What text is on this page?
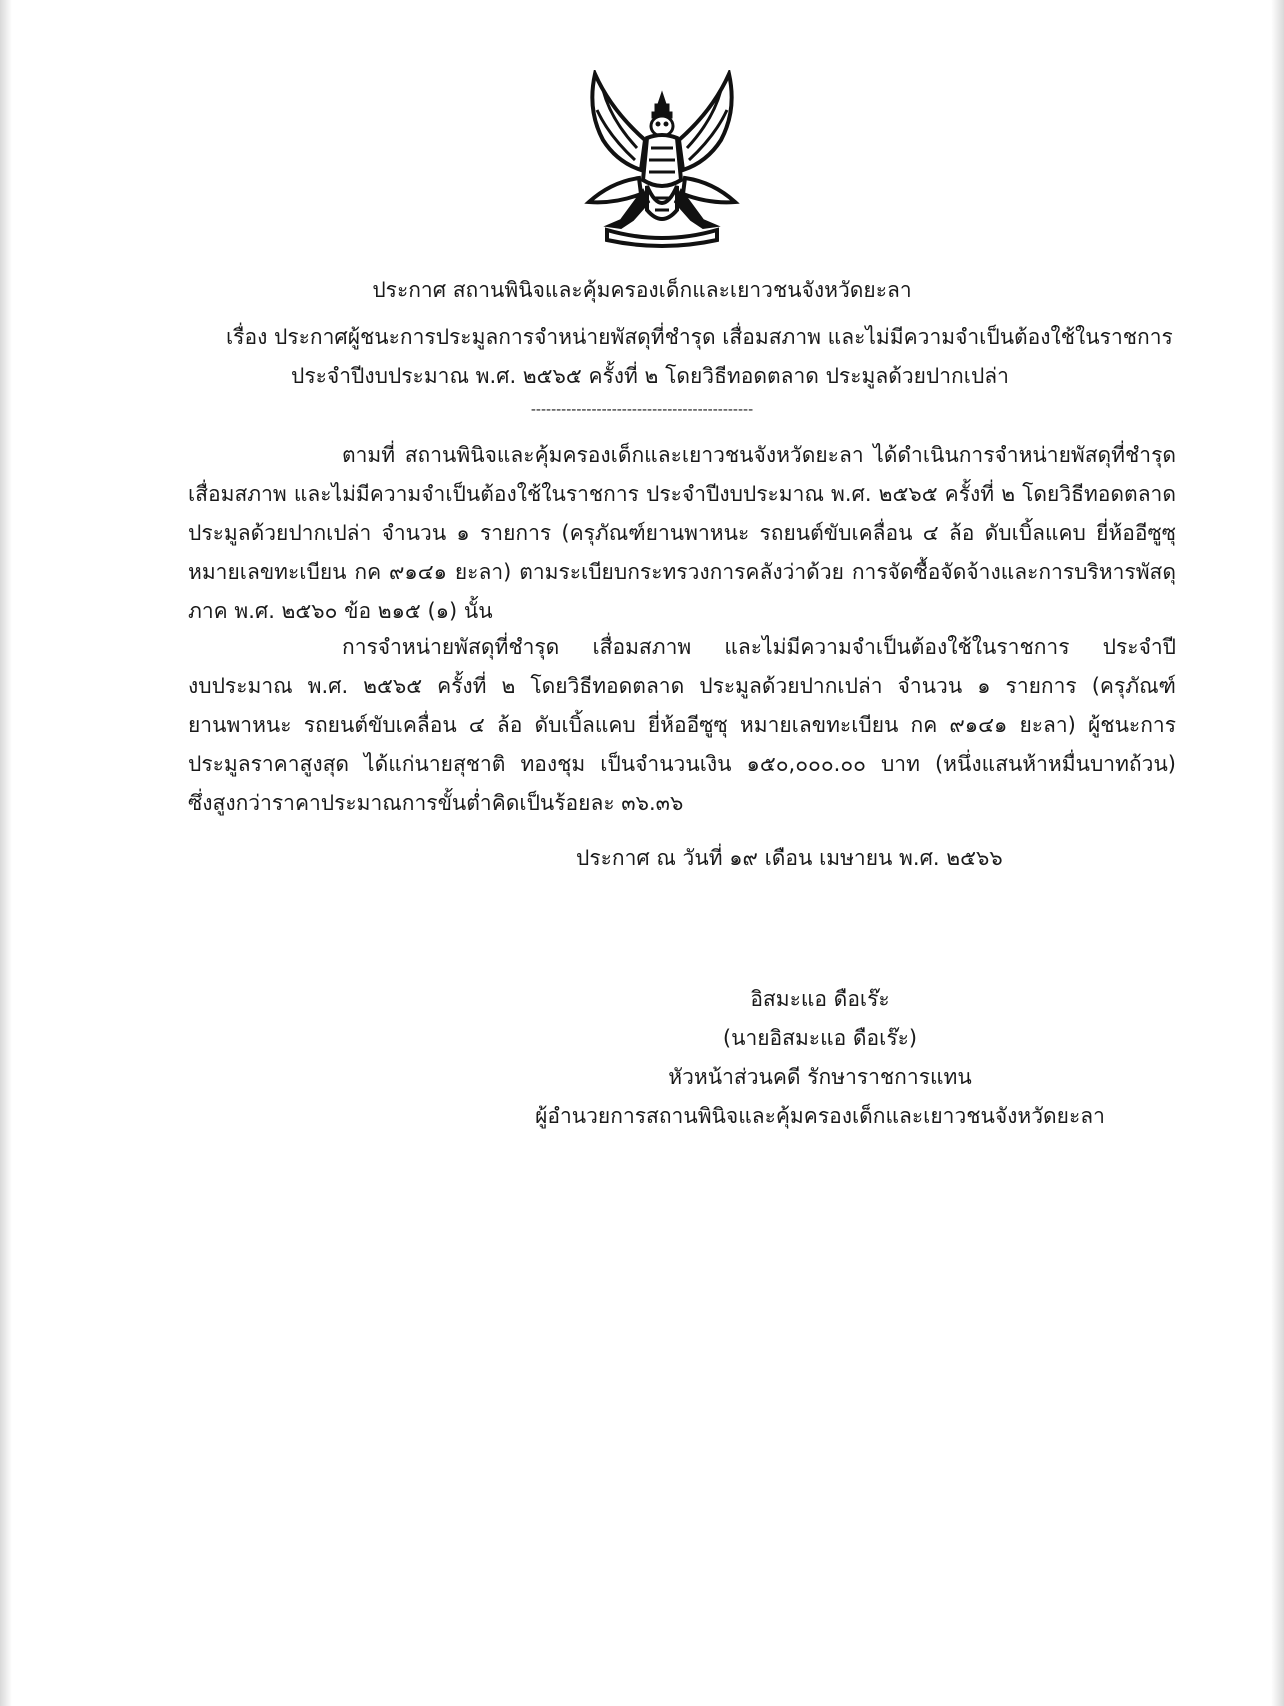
ประกาศ สถานพินิจและคุ้มครองเด็กและเยาวชนจังหวัดยะลา
เรื่อง ประกาศผู้ชนะการประมูลการจำหน่ายพัสดุที่ชำรุด เสื่อมสภาพ และไม่มีความจำเป็นต้องใช้ในราชการ
ประจำปีงบประมาณ พ.ศ. ๒๕๖๕ ครั้งที่ ๒ โดยวิธีทอดตลาด ประมูลด้วยปากเปล่า
--------------------------------------------
ตามที่ สถานพินิจและคุ้มครองเด็กและเยาวชนจังหวัดยะลา ได้ดำเนินการจำหน่ายพัสดุที่ชำรุด
เสื่อมสภาพ และไม่มีความจำเป็นต้องใช้ในราชการ ประจำปีงบประมาณ พ.ศ. ๒๕๖๕ ครั้งที่ ๒ โดยวิธีทอดตลาด
ประมูลด้วยปากเปล่า จำนวน ๑ รายการ (ครุภัณฑ์ยานพาหนะ รถยนต์ขับเคลื่อน ๔ ล้อ ดับเบิ้ลแคบ ยี่ห้ออีซูซุ
หมายเลขทะเบียน กค ๙๑๔๑ ยะลา) ตามระเบียบกระทรวงการคลังว่าด้วย การจัดซื้อจัดจ้างและการบริหารพัสดุ
ภาค พ.ศ. ๒๕๖๐ ข้อ ๒๑๕ (๑) นั้น
การจำหน่ายพัสดุที่ชำรุด เสื่อมสภาพ และไม่มีความจำเป็นต้องใช้ในราชการ ประจำปี
งบประมาณ พ.ศ. ๒๕๖๕ ครั้งที่ ๒ โดยวิธีทอดตลาด ประมูลด้วยปากเปล่า จำนวน ๑ รายการ (ครุภัณฑ์
ยานพาหนะ รถยนต์ขับเคลื่อน ๔ ล้อ ดับเบิ้ลแคบ ยี่ห้ออีซูซุ หมายเลขทะเบียน กค ๙๑๔๑ ยะลา) ผู้ชนะการ
ประมูลราคาสูงสุด ได้แก่นายสุชาติ ทองชุม เป็นจำนวนเงิน ๑๕๐,๐๐๐.๐๐ บาท (หนึ่งแสนห้าหมื่นบาทถ้วน)
ซึ่งสูงกว่าราคาประมาณการขั้นต่ำคิดเป็นร้อยละ ๓๖.๓๖
ประกาศ ณ วันที่ ๑๙ เดือน เมษายน พ.ศ. ๒๕๖๖
อิสมะแอ ดือเร๊ะ
(นายอิสมะแอ ดือเร๊ะ)
หัวหน้าส่วนคดี รักษาราชการแทน
ผู้อำนวยการสถานพินิจและคุ้มครองเด็กและเยาวชนจังหวัดยะลา
